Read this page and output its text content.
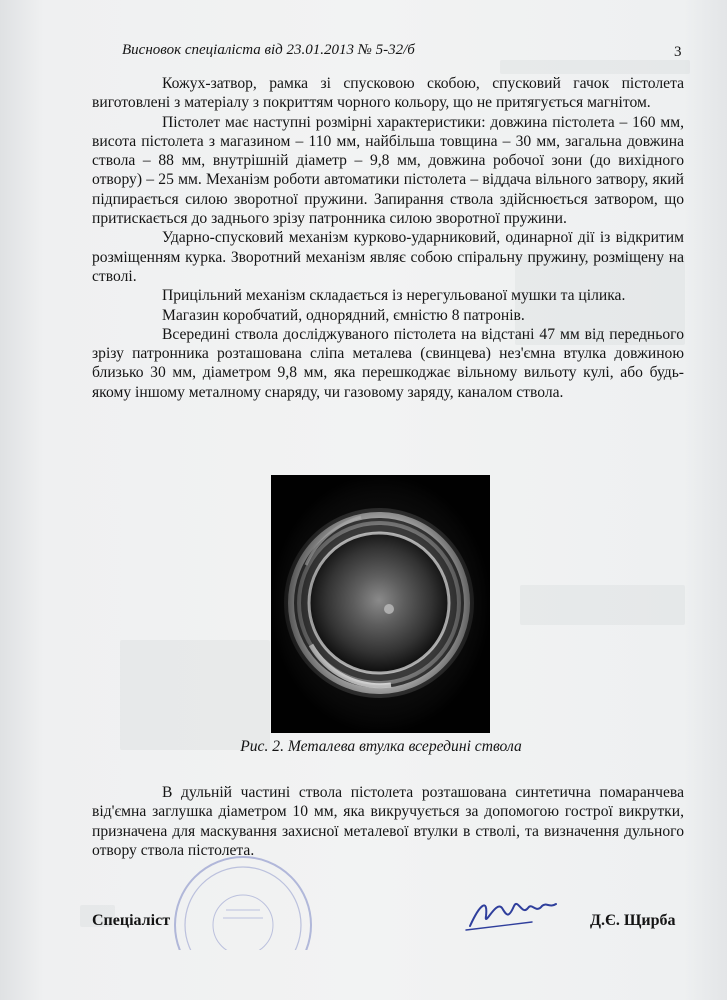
Висновок спеціаліста від 23.01.2013 № 5-32/б	3

Кожух-затвор, рамка зі спусковою скобою, спусковий гачок пістолета виготовлені з матеріалу з покриттям чорного кольору, що не притягується магнітом.

Пістолет має наступні розмірні характеристики: довжина пістолета – 160 мм, висота пістолета з магазином – 110 мм, найбільша товщина – 30 мм, загальна довжина ствола – 88 мм, внутрішній діаметр – 9,8 мм, довжина робочої зони (до вихідного отвору) – 25 мм. Механізм роботи автоматики пістолета – віддача вільного затвору, який підпирається силою зворотної пружини. Запирання ствола здійснюється затвором, що притискається до заднього зрізу патронника силою зворотної пружини.

Ударно-спусковий механізм курково-ударниковий, одинарної дії із відкритим розміщенням курка. Зворотний механізм являє собою спіральну пружину, розміщену на стволі.

Прицільний механізм складається із нерегульованої мушки та цілика.

Магазин коробчатий, однорядний, ємністю 8 патронів.

Всередині ствола досліджуваного пістолета на відстані 47 мм від переднього зрізу патронника розташована сліпа металева (свинцева) нез'ємна втулка довжиною близько 30 мм, діаметром 9,8 мм, яка перешкоджає вільному вильоту кулі, або будь-якому іншому металному снаряду, чи газовому заряду, каналом ствола.

Рис. 2. Металева втулка всередині ствола

В дульній частині ствола пістолета розташована синтетична помаранчева від'ємна заглушка діаметром 10 мм, яка викручується за допомогою гострої викрутки, призначена для маскування захисної металевої втулки в стволі, та визначення дульного отвору ствола пістолета.

Спеціаліст	Д.Є. Щирба
